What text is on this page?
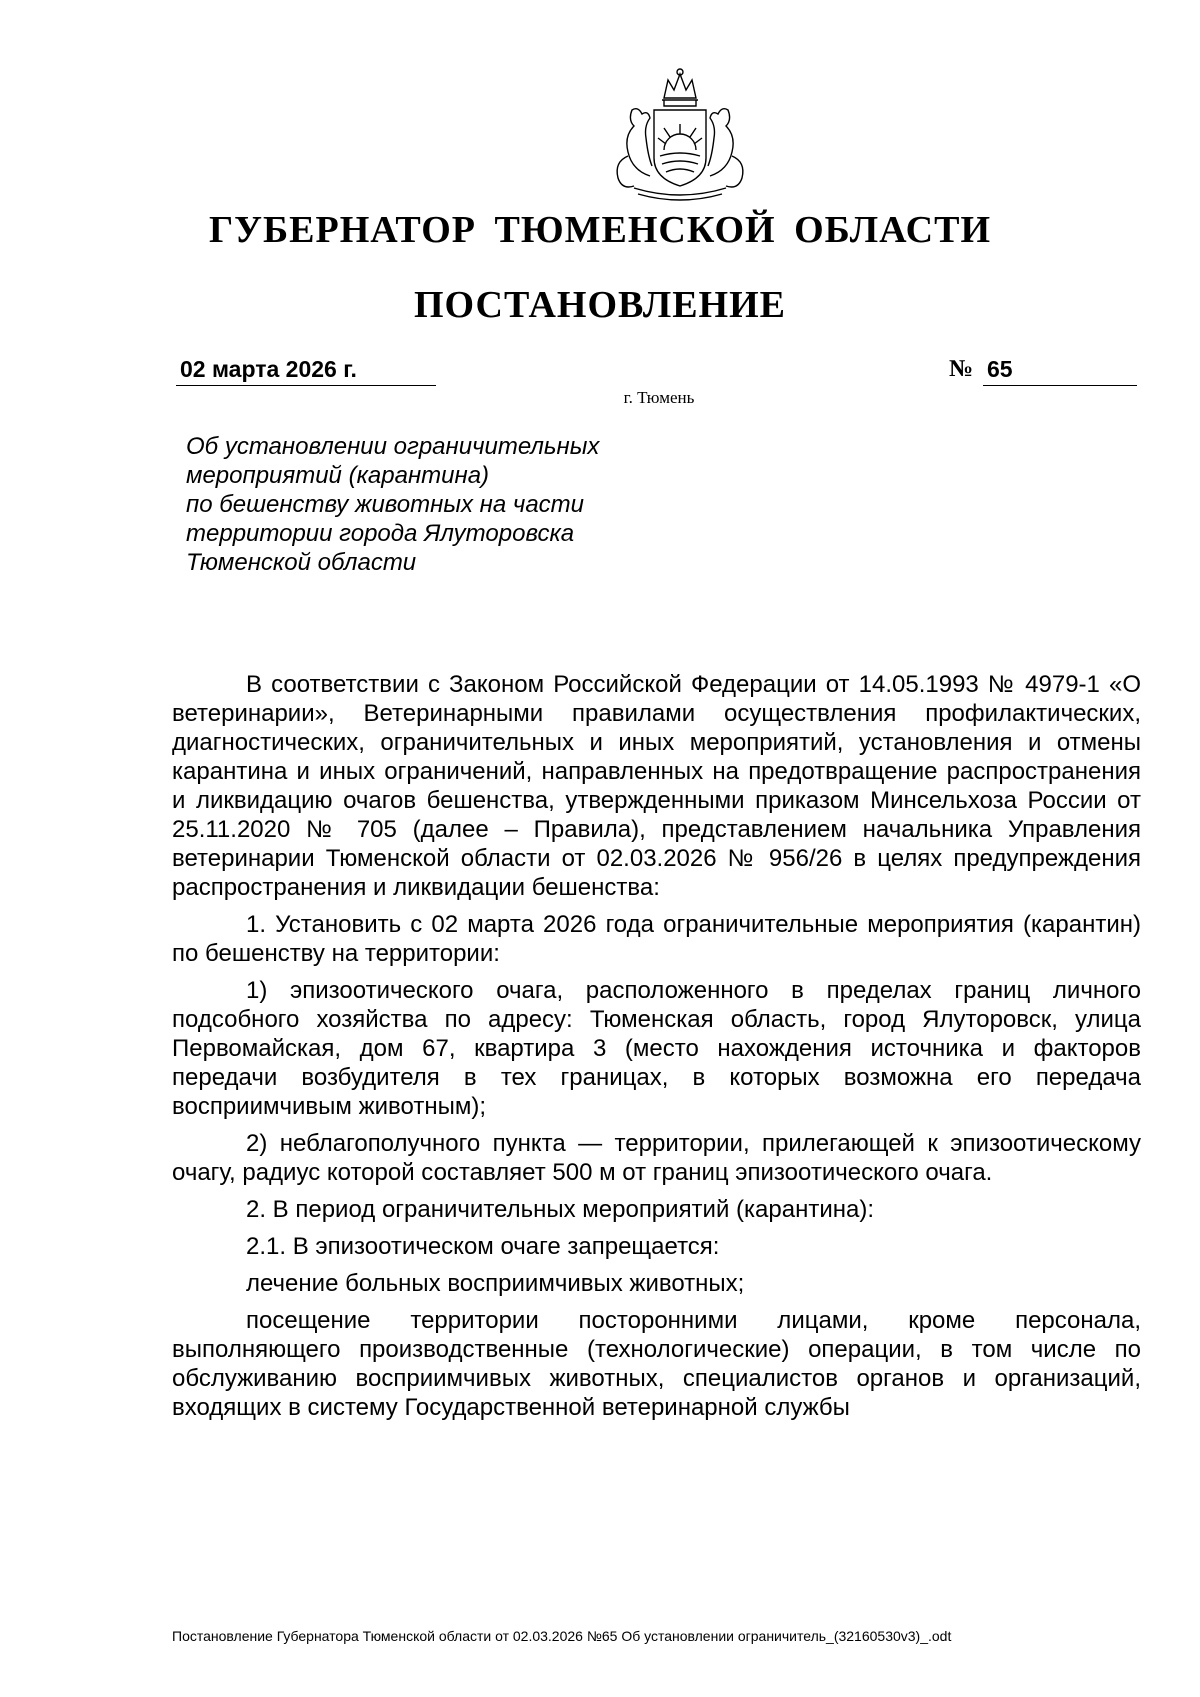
ГУБЕРНАТОР ТЮМЕНСКОЙ ОБЛАСТИ
ПОСТАНОВЛЕНИЕ
02 марта 2026 г.	№ 65
г. Тюмень
Об установлении ограничительных
мероприятий (карантина)
по бешенству животных на части
территории города Ялуторовска
Тюменской области

В соответствии с Законом Российской Федерации от 14.05.1993 № 4979-1 «О ветеринарии», Ветеринарными правилами осуществления профилактических, диагностических, ограничительных и иных мероприятий, установления и отмены карантина и иных ограничений, направленных на предотвращение распространения и ликвидацию очагов бешенства, утвержденными приказом Минсельхоза России от 25.11.2020 № 705 (далее – Правила), представлением начальника Управления ветеринарии Тюменской области от 02.03.2026 № 956/26 в целях предупреждения распространения и ликвидации бешенства:

1. Установить с 02 марта 2026 года ограничительные мероприятия (карантин) по бешенству на территории:

1) эпизоотического очага, расположенного в пределах границ личного подсобного хозяйства по адресу: Тюменская область, город Ялуторовск, улица Первомайская, дом 67, квартира 3 (место нахождения источника и факторов передачи возбудителя в тех границах, в которых возможна его передача восприимчивым животным);

2) неблагополучного пункта — территории, прилегающей к эпизоотическому очагу, радиус которой составляет 500 м от границ эпизоотического очага.

2. В период ограничительных мероприятий (карантина):

2.1. В эпизоотическом очаге запрещается:

лечение больных восприимчивых животных;

посещение территории посторонними лицами, кроме персонала, выполняющего производственные (технологические) операции, в том числе по обслуживанию восприимчивых животных, специалистов органов и организаций, входящих в систему Государственной ветеринарной службы

Постановление Губернатора Тюменской области от 02.03.2026 №65 Об установлении ограничитель_(32160530v3)_.odt
